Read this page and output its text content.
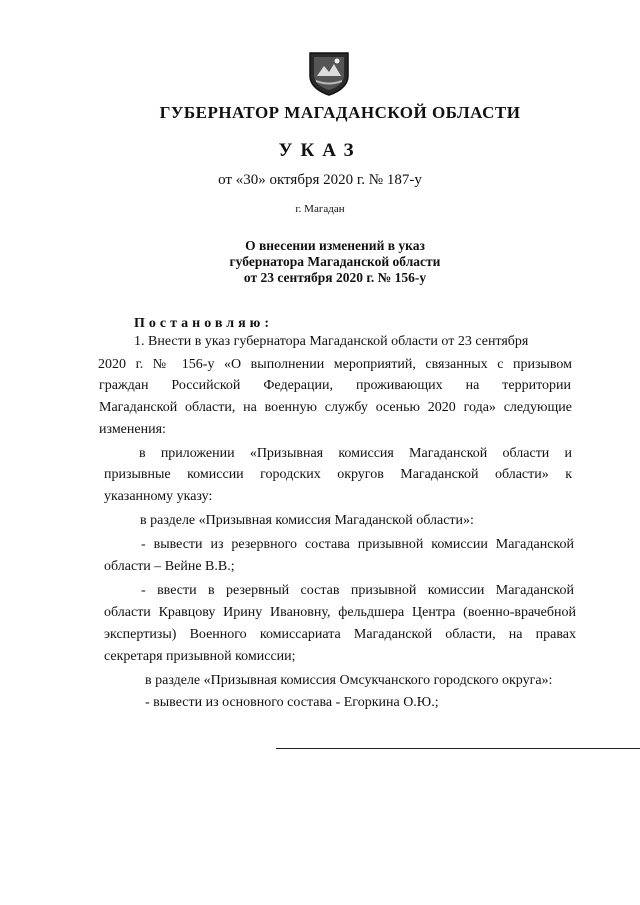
ГУБЕРНАТОР МАГАДАНСКОЙ ОБЛАСТИ
УКАЗ
от «30» октября 2020 г. № 187-у
г. Магадан
О внесении изменений в указ
губернатора Магаданской области
от 23 сентября 2020 г. № 156-у
Постановляю:
1. Внести в указ губернатора Магаданской области от 23 сентября
2020 г. № 156-у «О выполнении мероприятий, связанных с призывом
граждан Российской Федерации, проживающих на территории
Магаданской области, на военную службу осенью 2020 года» следующие
изменения:
в приложении «Призывная комиссия Магаданской области и
призывные комиссии городских округов Магаданской области» к
указанному указу:
в разделе «Призывная комиссия Магаданской области»:
- вывести из резервного состава призывной комиссии Магаданской
области – Вейне В.В.;
- ввести в резервный состав призывной комиссии Магаданской
области Кравцову Ирину Ивановну, фельдшера Центра (военно-врачебной
экспертизы) Военного комиссариата Магаданской области, на правах
секретаря призывной комиссии;
в разделе «Призывная комиссия Омсукчанского городского округа»:
- вывести из основного состава - Егоркина О.Ю.;
